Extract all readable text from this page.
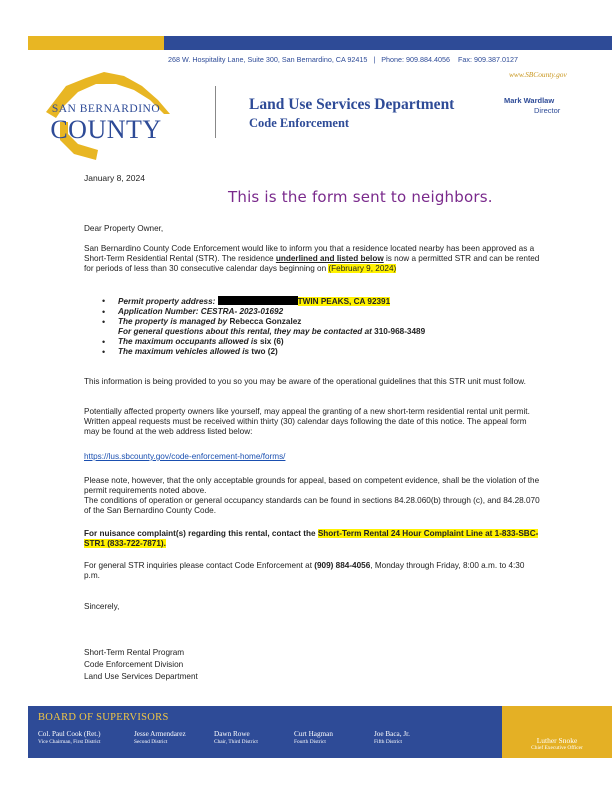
268 W. Hospitality Lane, Suite 300, San Bernardino, CA 92415   |   Phone: 909.884.4056 Fax: 909.387.0127
www.SBCounty.gov
SAN BERNARDINO
COUNTY
Land Use Services Department
Code Enforcement
Mark Wardlaw
Director
January 8, 2024
This is the form sent to neighbors.
Dear Property Owner,
San Bernardino County Code Enforcement would like to inform you that a residence located nearby has been approved as a Short-Term Residential Rental (STR). The residence underlined and listed below is now a permitted STR and can be rented for periods of less than 30 consecutive calendar days beginning on (February 9, 2024)
• Permit property address:	TWIN PEAKS, CA 92391
• Application Number: CESTRA- 2023-01692
• The property is managed by Rebecca Gonzalez
For general questions about this rental, they may be contacted at 310-968-3489
• The maximum occupants allowed is six (6)
• The maximum vehicles allowed is two (2)
This information is being provided to you so you may be aware of the operational guidelines that this STR unit must follow.
Potentially affected property owners like yourself, may appeal the granting of a new short-term residential rental unit permit. Written appeal requests must be received within thirty (30) calendar days following the date of this notice. The appeal form may be found at the web address listed below:
https://lus.sbcounty.gov/code-enforcement-home/forms/
Please note, however, that the only acceptable grounds for appeal, based on competent evidence, shall be the violation of the permit requirements noted above.
The conditions of operation or general occupancy standards can be found in sections 84.28.060(b) through (c), and 84.28.070 of the San Bernardino County Code.
For nuisance complaint(s) regarding this rental, contact the Short-Term Rental 24 Hour Complaint Line at 1-833-SBC-STR1 (833-722-7871).
For general STR inquiries please contact Code Enforcement at (909) 884-4056, Monday through Friday, 8:00 a.m. to 4:30 p.m.
Sincerely,
Short-Term Rental Program
Code Enforcement Division
Land Use Services Department
BOARD OF SUPERVISORS
Col. Paul Cook (Ret.)
Vice Chairman, First District
Jesse Armendarez
Second District
Dawn Rowe
Chair, Third District
Curt Hagman
Fourth District
Joe Baca, Jr.
Fifth District	Luther Snoke
Chief Executive Officer
